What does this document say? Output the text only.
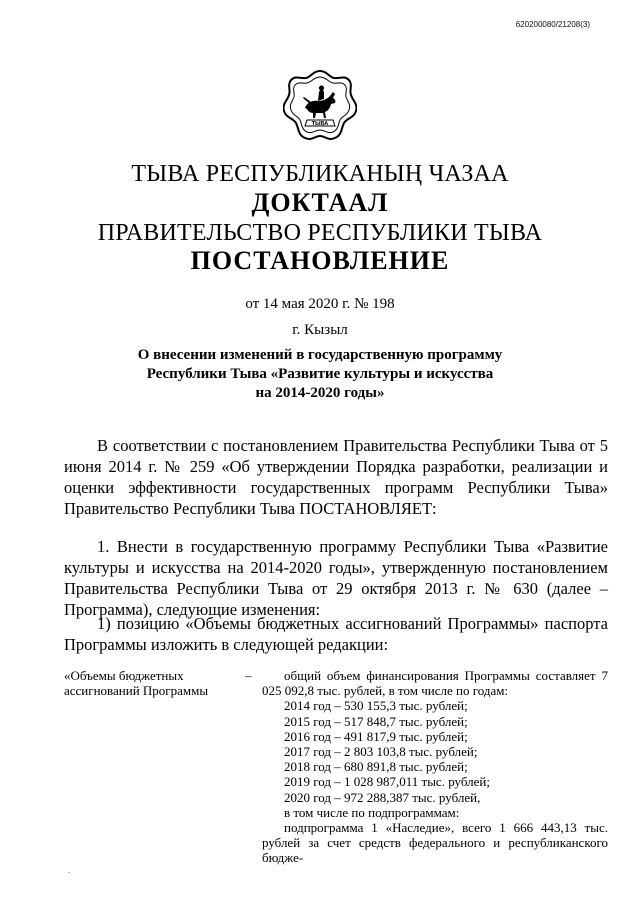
620200080/21208(3)
ТЫВА
ТЫВА РЕСПУБЛИКАНЫҢ ЧАЗАА
ДОКТААЛ
ПРАВИТЕЛЬСТВО РЕСПУБЛИКИ ТЫВА
ПОСТАНОВЛЕНИЕ
от 14 мая 2020 г. № 198
г. Кызыл
О внесении изменений в государственную программу
Республики Тыва «Развитие культуры и искусства
на 2014-2020 годы»

В соответствии с постановлением Правительства Республики Тыва от 5 июня 2014 г. № 259 «Об утверждении Порядка разработки, реализации и оценки эффективности государственных программ Республики Тыва» Правительство Республики Тыва ПОСТАНОВЛЯЕТ:

1. Внести в государственную программу Республики Тыва «Развитие культуры и искусства на 2014-2020 годы», утвержденную постановлением Правительства Республики Тыва от 29 октября 2013 г. № 630 (далее – Программа), следующие изменения:

1) позицию «Объемы бюджетных ассигнований Программы» паспорта Программы изложить в следующей редакции:

«Объемы бюджетных ассигнований Программы
–	общий объем финансирования Программы составляет 7 025 092,8 тыс. рублей, в том числе по годам:
2014 год – 530 155,3 тыс. рублей;
2015 год – 517 848,7 тыс. рублей;
2016 год – 491 817,9 тыс. рублей;
2017 год – 2 803 103,8 тыс. рублей;
2018 год – 680 891,8 тыс. рублей;
2019 год – 1 028 987,011 тыс. рублей;
2020 год – 972 288,387 тыс. рублей,
в том числе по подпрограммам:
подпрограмма 1 «Наследие», всего 1 666 443,13 тыс. рублей за счет средств федерального и республиканского бюдже-
